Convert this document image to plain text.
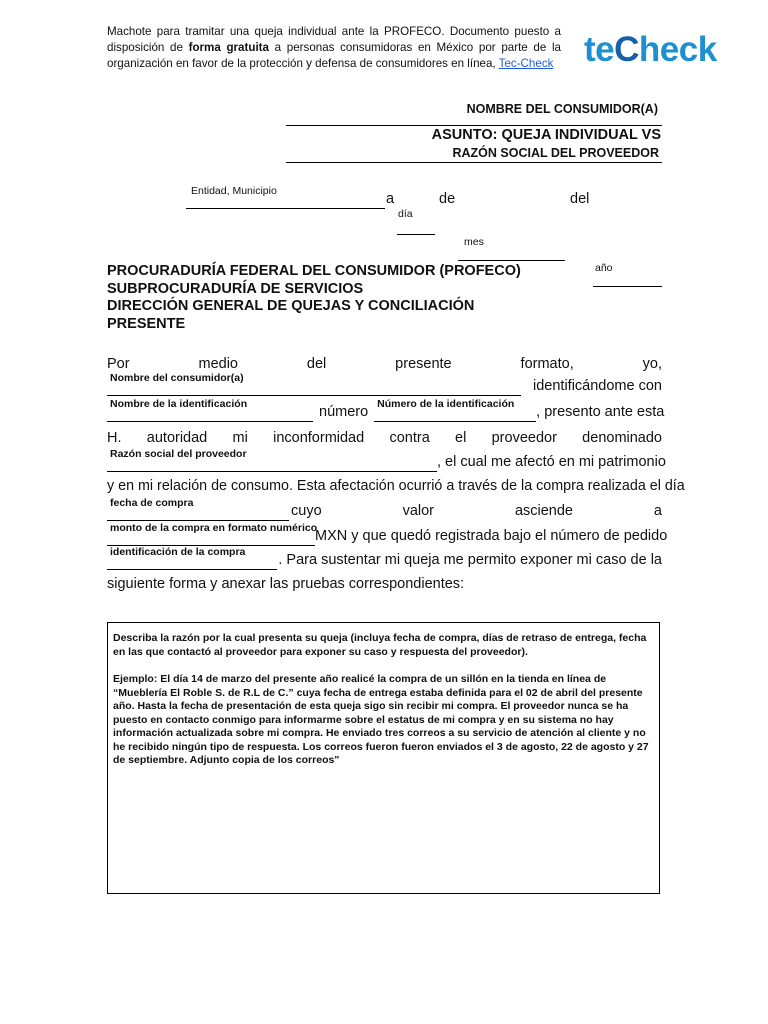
Machote para tramitar una queja individual ante la PROFECO. Documento puesto a disposición de forma gratuita a personas consumidoras en México por parte de la organización en favor de la protección y defensa de consumidores en línea, Tec-Check teCheck
NOMBRE DEL CONSUMIDOR(A)
ASUNTO: QUEJA INDIVIDUAL VS
RAZÓN SOCIAL DEL PROVEEDOR
Entidad, Municipio	a
día
de
mes
del
año
PROCURADURÍA FEDERAL DEL CONSUMIDOR (PROFECO)
SUBPROCURADURÍA DE SERVICIOS
DIRECCIÓN GENERAL DE QUEJAS Y CONCILIACIÓN
PRESENTE
Por medio del presente formato, yo,
Nombre del consumidor(a)	identificándome con
Nombre de la identificación	número Número de la identificación , presento ante esta
H. autoridad mi inconformidad contra el proveedor denominado
Razón social del proveedor	, el cual me afectó en mi patrimonio
y en mi relación de consumo. Esta afectación ocurrió a través de la compra realizada el día
fecha de compra	cuyo valor asciende a
monto de la compra en formato numérico
MXN y que quedó registrada bajo el número de pedido
identificación de la compra . Para sustentar mi queja me permito exponer mi caso de la
siguiente forma y anexar las pruebas correspondientes:

Describa la razón por la cual presenta su queja (incluya fecha de compra, días de retraso de entrega, fecha en las que contactó al proveedor para exponer su caso y respuesta del proveedor).

Ejemplo: El día 14 de marzo del presente año realicé la compra de un sillón en la tienda en línea de “Mueblería El Roble S. de R.L de C.” cuya fecha de entrega estaba definida para el 02 de abril del presente año. Hasta la fecha de presentación de esta queja sigo sin recibir mi compra. El proveedor nunca se ha puesto en contacto conmigo para informarme sobre el estatus de mi compra y en su sistema no hay información actualizada sobre mi compra. He enviado tres correos a su servicio de atención al cliente y no he recibido ningún tipo de respuesta. Los correos fueron fueron enviados el 3 de agosto, 22 de agosto y 27 de septiembre. Adjunto copia de los correos"
